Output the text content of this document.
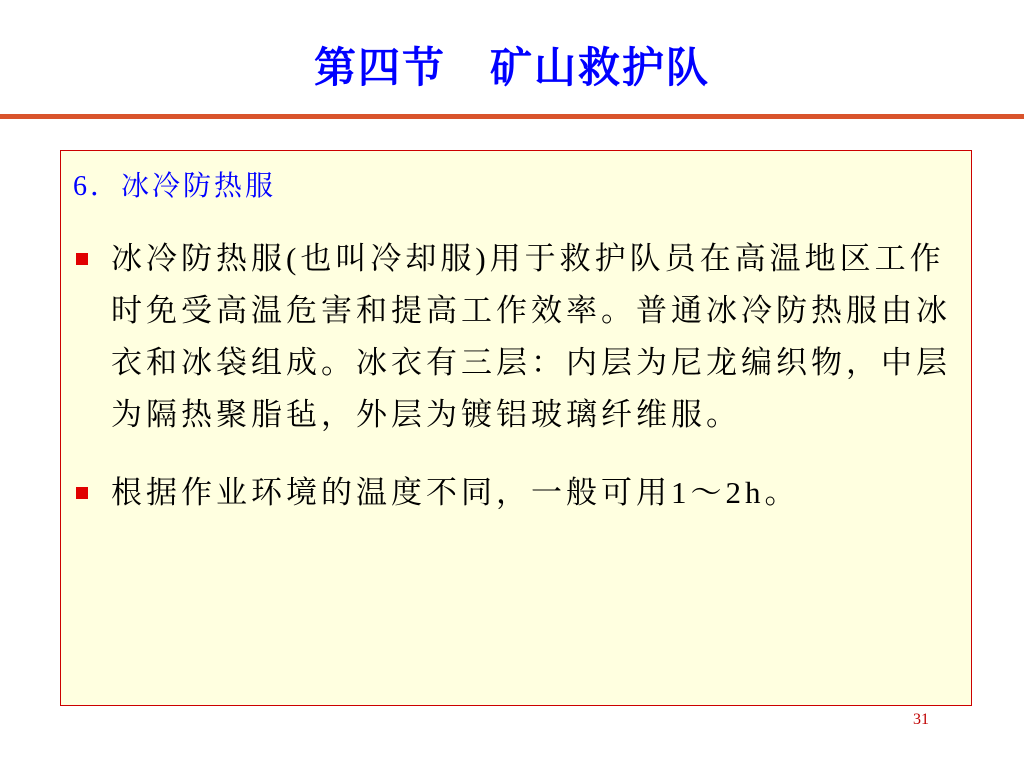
第四节　矿山救护队
6．冰冷防热服
冰冷防热服(也叫冷却服)用于救护队员在高温地区工作
时免受高温危害和提高工作效率。普通冰冷防热服由冰
衣和冰袋组成。冰衣有三层：内层为尼龙编织物，中层
为隔热聚脂毡，外层为镀铝玻璃纤维服。
根据作业环境的温度不同，一般可用1～2h。
31
